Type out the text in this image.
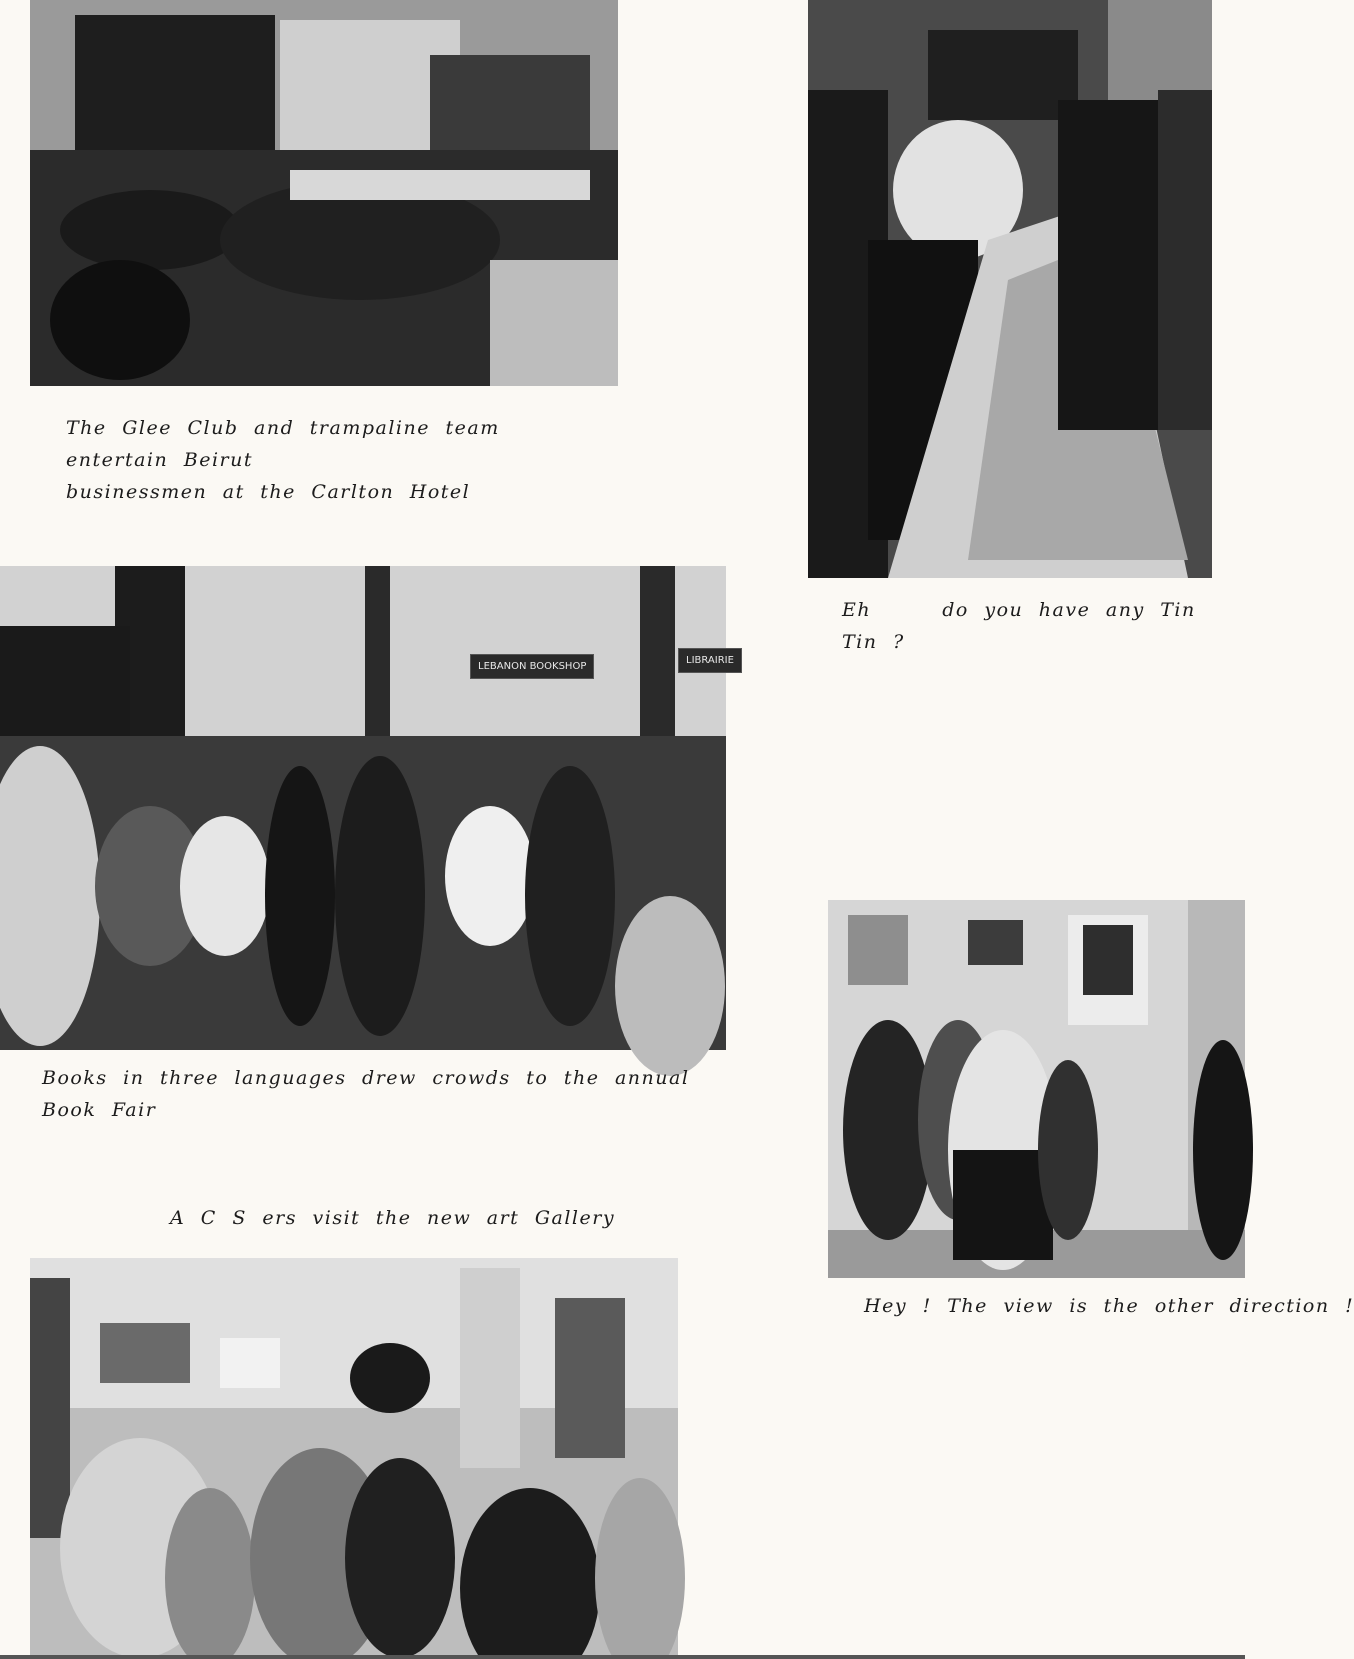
The Glee Club and trampaline team entertain Beirut
businessmen at the Carlton Hotel
Eh	do you have any Tin Tin ?
LEBANON BOOKSHOP
LIBRAIRIE
Books in three languages drew crowds to the annual Book Fair
A C S ers visit the new art Gallery
Hey ! The view is the other direction !
